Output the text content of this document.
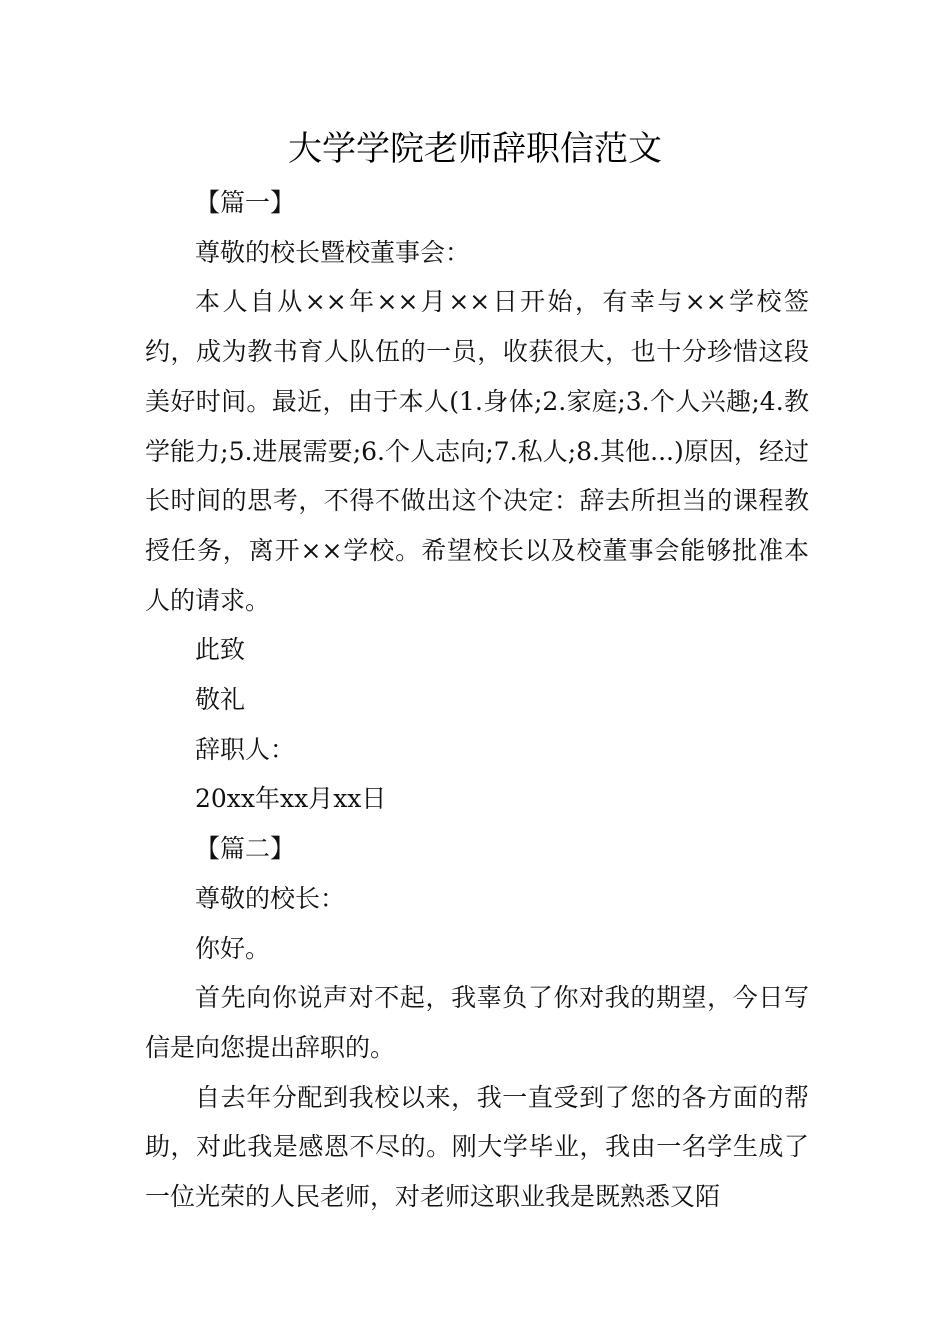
大学学院老师辞职信范文
【篇一】
尊敬的校长暨校董事会：

本人自从××年××月××日开始，有幸与××学校签约，成为教书育人队伍的一员，收获很大，也十分珍惜这段美好时间。最近，由于本人(1.身体;2.家庭;3.个人兴趣;4.教学能力;5.进展需要;6.个人志向;7.私人;8.其他...)原因，经过长时间的思考，不得不做出这个决定：辞去所担当的课程教授任务，离开××学校。希望校长以及校董事会能够批准本人的请求。

此致
敬礼
辞职人：
20xx年xx月xx日
【篇二】
尊敬的校长：
你好。

首先向你说声对不起，我辜负了你对我的期望，今日写信是向您提出辞职的。

自去年分配到我校以来，我一直受到了您的各方面的帮助，对此我是感恩不尽的。刚大学毕业，我由一名学生成了一位光荣的人民老师，对老师这职业我是既熟悉又陌
